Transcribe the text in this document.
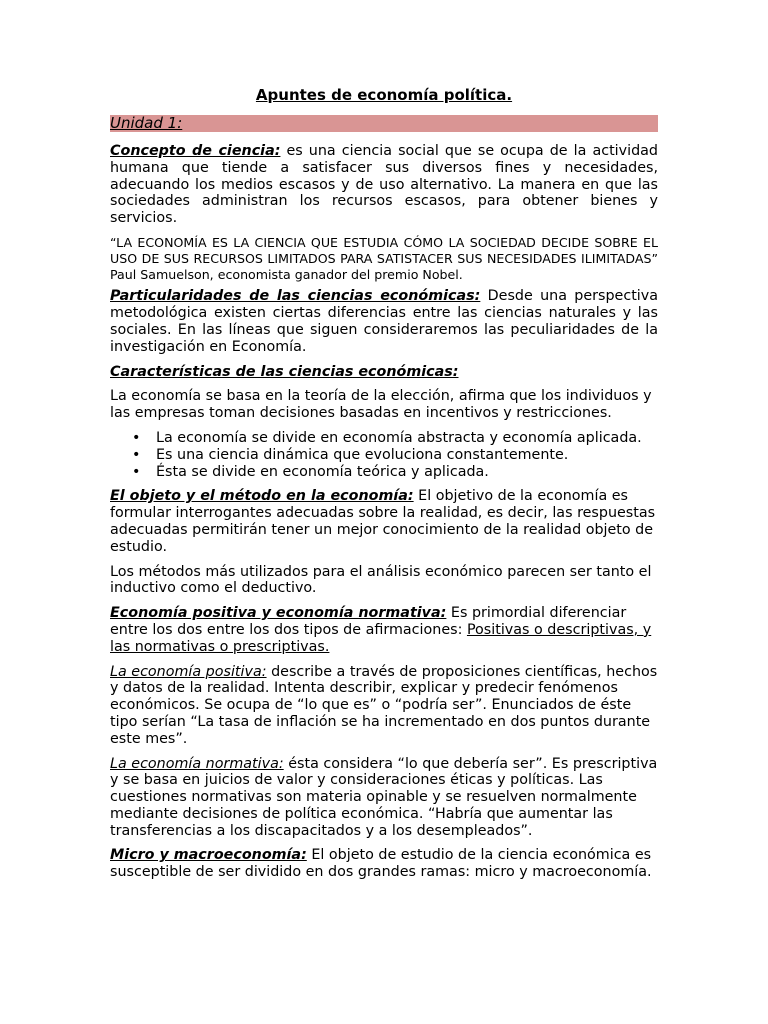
Apuntes de economía política.
Unidad 1:

Concepto de ciencia: es una ciencia social que se ocupa de la actividad humana que tiende a satisfacer sus diversos fines y necesidades, adecuando los medios escasos y de uso alternativo. La manera en que las sociedades administran los recursos escasos, para obtener bienes y servicios.

“LA ECONOMÍA ES LA CIENCIA QUE ESTUDIA CÓMO LA SOCIEDAD DECIDE SOBRE EL USO DE SUS RECURSOS LIMITADOS PARA SATISTACER SUS NECESIDADES ILIMITADAS” Paul Samuelson, economista ganador del premio Nobel.

Particularidades de las ciencias económicas: Desde una perspectiva metodológica existen ciertas diferencias entre las ciencias naturales y las sociales. En las líneas que siguen consideraremos las peculiaridades de la investigación en Economía.

Características de las ciencias económicas:

La economía se basa en la teoría de la elección, afirma que los individuos y las empresas toman decisiones basadas en incentivos y restricciones.

• La economía se divide en economía abstracta y economía aplicada.
• Es una ciencia dinámica que evoluciona constantemente.
• Ésta se divide en economía teórica y aplicada.

El objeto y el método en la economía: El objetivo de la economía es formular interrogantes adecuadas sobre la realidad, es decir, las respuestas adecuadas permitirán tener un mejor conocimiento de la realidad objeto de estudio.

Los métodos más utilizados para el análisis económico parecen ser tanto el inductivo como el deductivo.

Economía positiva y economía normativa: Es primordial diferenciar entre los dos entre los dos tipos de afirmaciones: Positivas o descriptivas, y las normativas o prescriptivas.

La economía positiva: describe a través de proposiciones científicas, hechos y datos de la realidad. Intenta describir, explicar y predecir fenómenos económicos. Se ocupa de “lo que es” o “podría ser”. Enunciados de éste tipo serían “La tasa de inflación se ha incrementado en dos puntos durante este mes”.

La economía normativa: ésta considera “lo que debería ser”. Es prescriptiva y se basa en juicios de valor y consideraciones éticas y políticas. Las cuestiones normativas son materia opinable y se resuelven normalmente mediante decisiones de política económica. “Habría que aumentar las transferencias a los discapacitados y a los desempleados”.

Micro y macroeconomía: El objeto de estudio de la ciencia económica es susceptible de ser dividido en dos grandes ramas: micro y macroeconomía.
